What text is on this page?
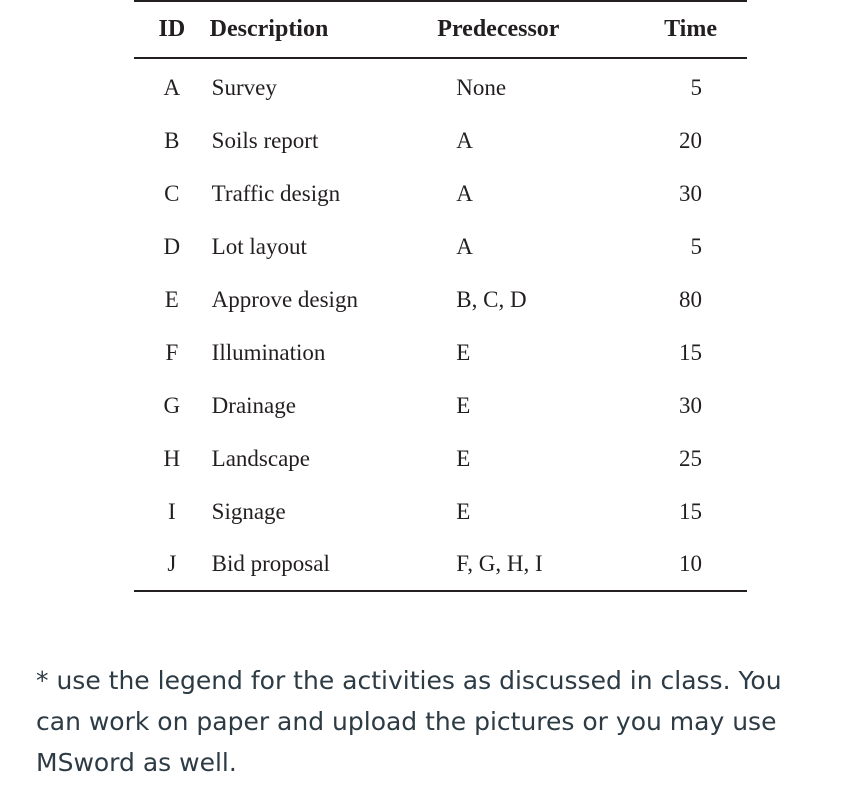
ID	Description	Predecessor	Time
A	Survey	None	5
B	Soils report	A	20
C	Traffic design	A	30
D	Lot layout	A	5
E	Approve design	B, C, D	80
F	Illumination	E	15
G	Drainage	E	30
H	Landscape	E	25
I	Signage	E	15
J	Bid proposal	F, G, H, I	10

* use the legend for the activities as discussed in class. You can work on paper and upload the pictures or you may use MSword as well.
